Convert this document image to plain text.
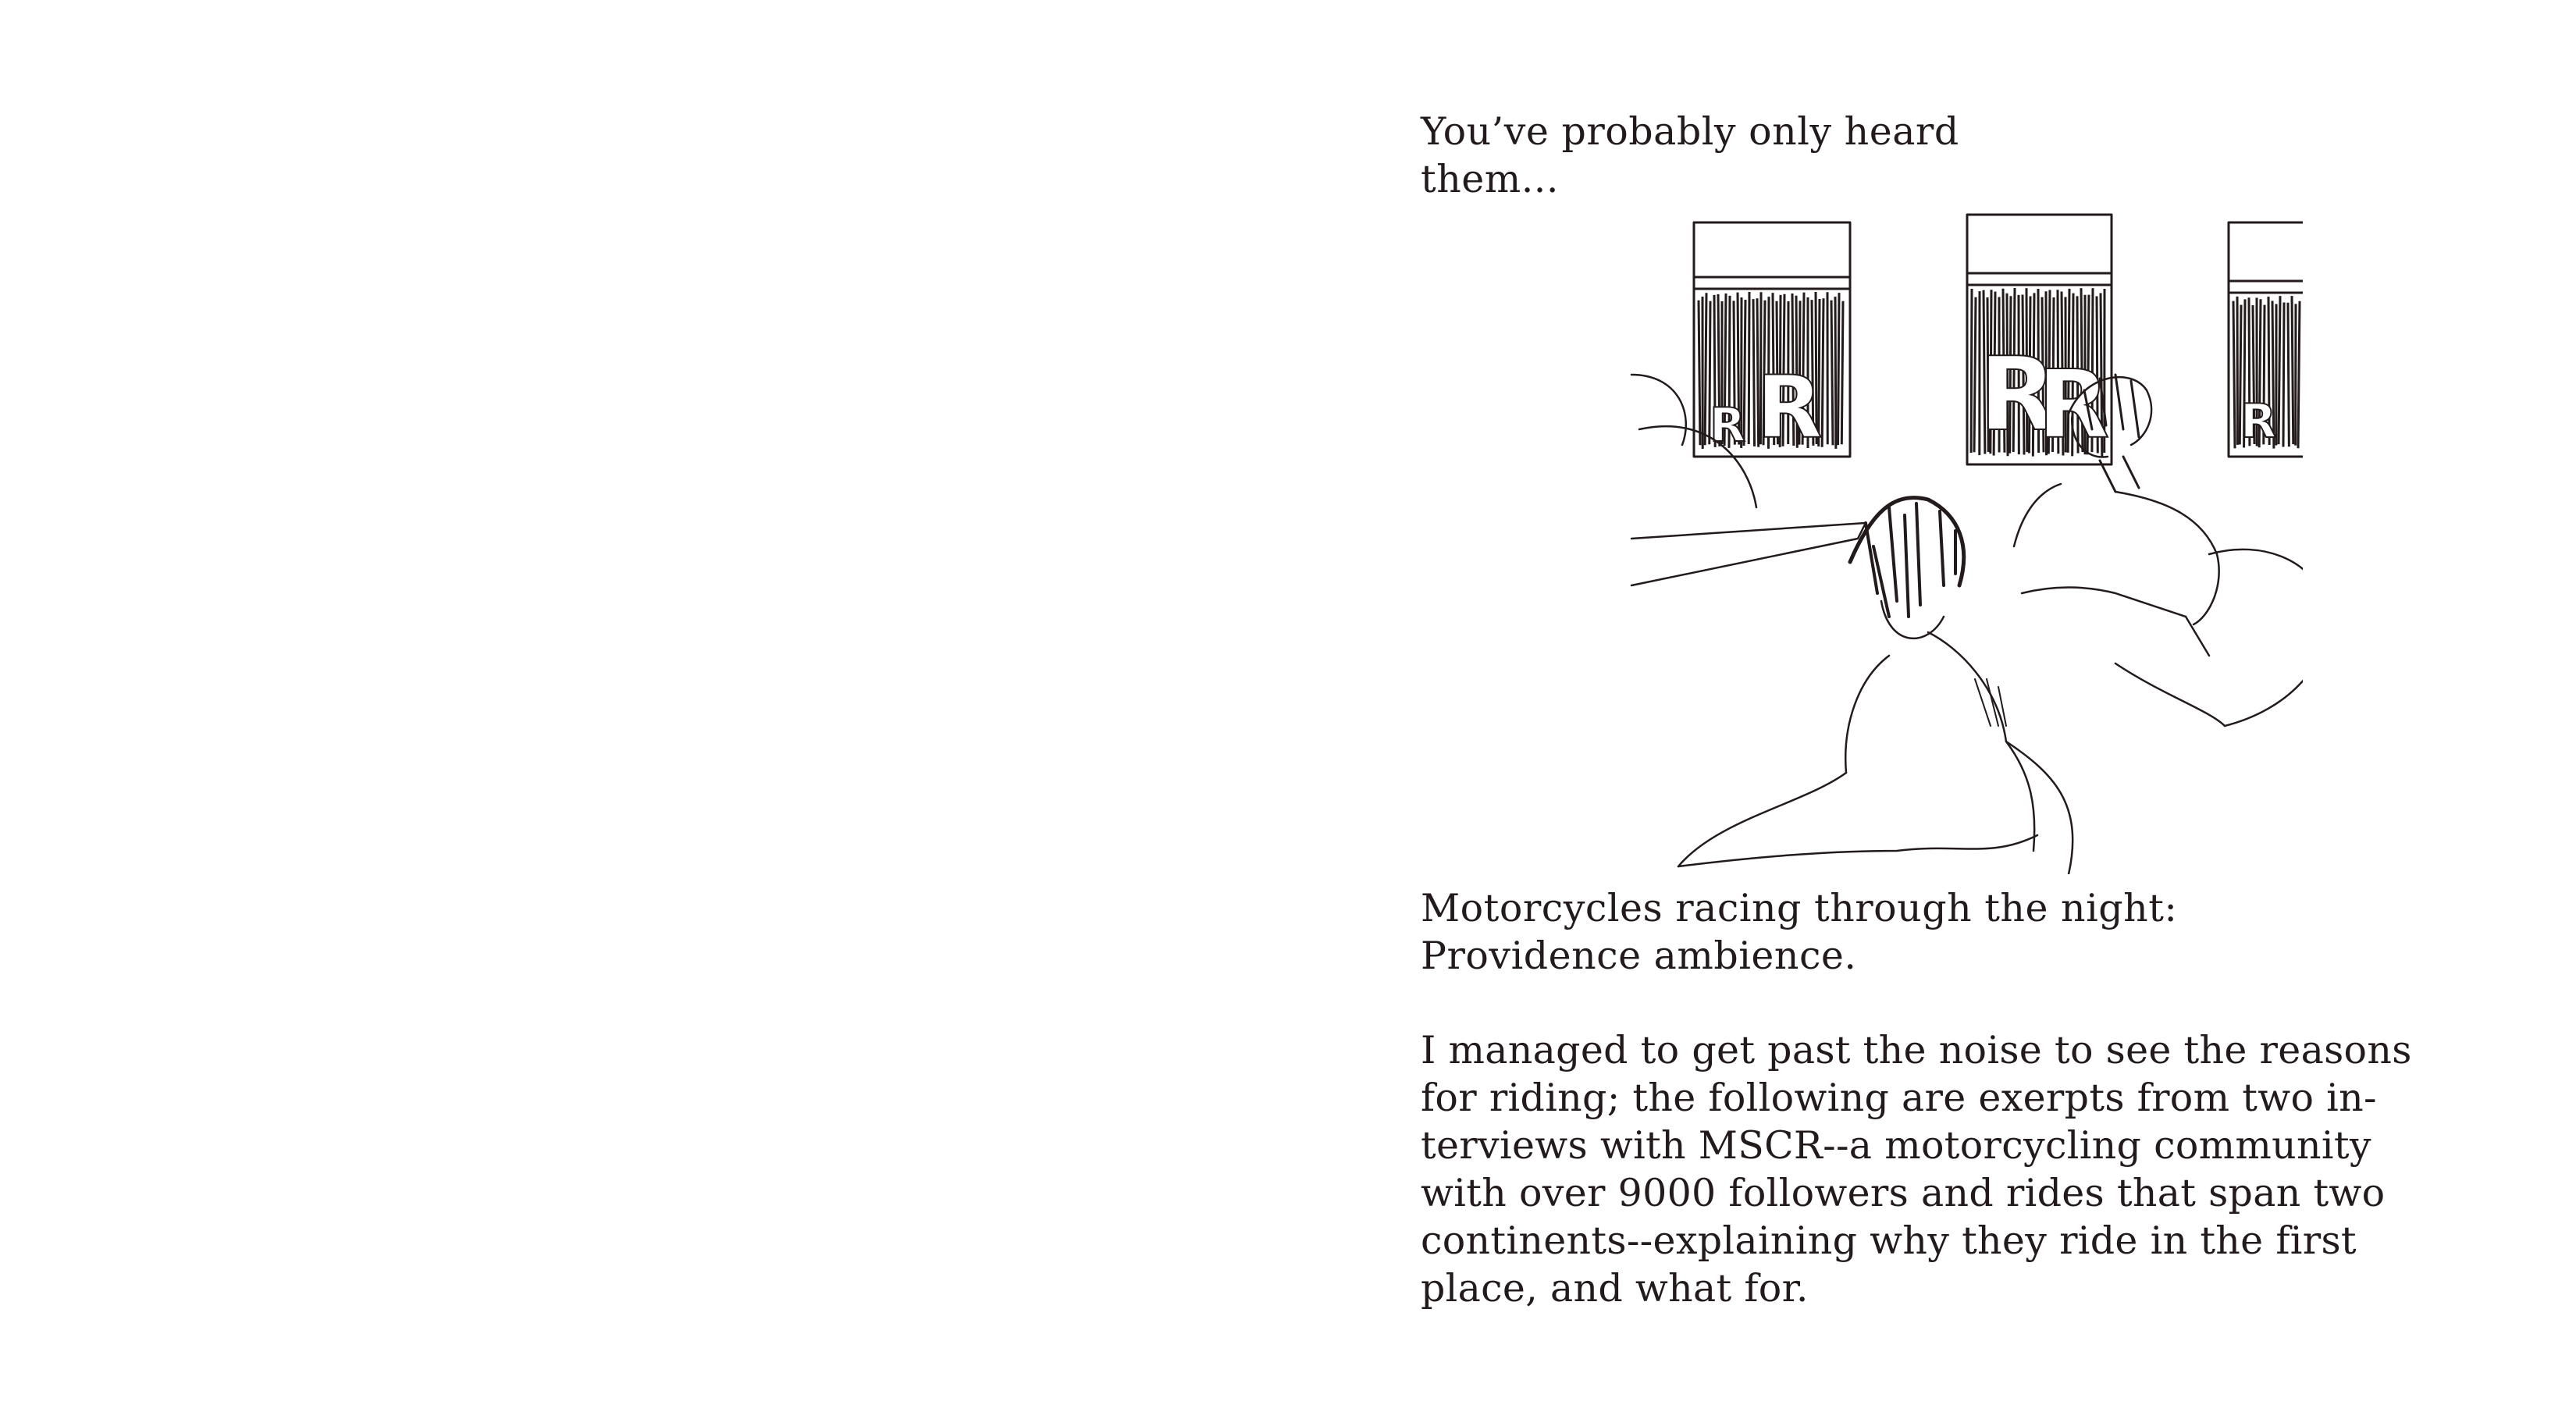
You’ve probably only heard
them...

R
R R
R	R

Motorcycles racing through the night:
Providence ambience.

I managed to get past the noise to see the reasons
for riding; the following are exerpts from two in-
terviews with MSCR--a motorcycling community
with over 9000 followers and rides that span two
continents--explaining why they ride in the first
place, and what for.
